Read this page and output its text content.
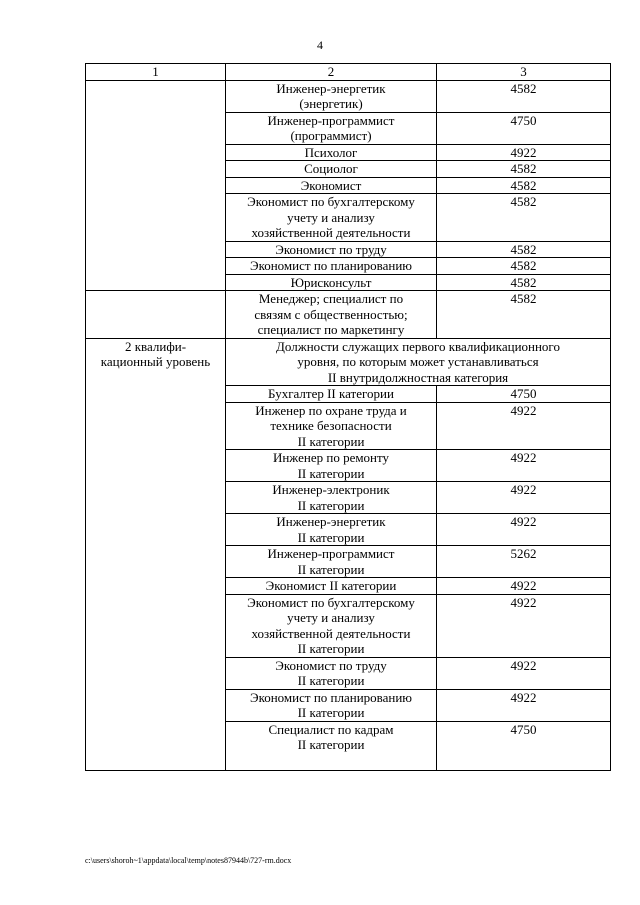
4
1	2	3
	Инженер-энергетик
(энергетик)	4582
	Инженер-программист
(программист)	4750
	Психолог	4922
	Социолог	4582
	Экономист	4582
	Экономист по бухгалтерскому
учету и анализу
хозяйственной деятельности	4582
	Экономист по труду	4582
	Экономист по планированию	4582
	Юрисконсульт	4582
	Менеджер; специалист по
связям с общественностью;
специалист по маркетингу	4582
2 квалифи-
кационный уровень	Должности служащих первого квалификационного
уровня, по которым может устанавливаться
II внутридолжностная категория	
	Бухгалтер II категории	4750
	Инженер по охране труда и
технике безопасности
II категории	4922
	Инженер по ремонту
II категории	4922
	Инженер-электроник
II категории	4922
	Инженер-энергетик
II категории	4922
	Инженер-программист
II категории	5262
	Экономист II категории	4922
	Экономист по бухгалтерскому
учету и анализу
хозяйственной деятельности
II категории	4922
	Экономист по труду
II категории	4922
	Экономист по планированию
II категории	4922
	Специалист по кадрам
II категории	4750
c:\users\shoroh~1\appdata\local\temp\notes87944b\727-rm.docx
